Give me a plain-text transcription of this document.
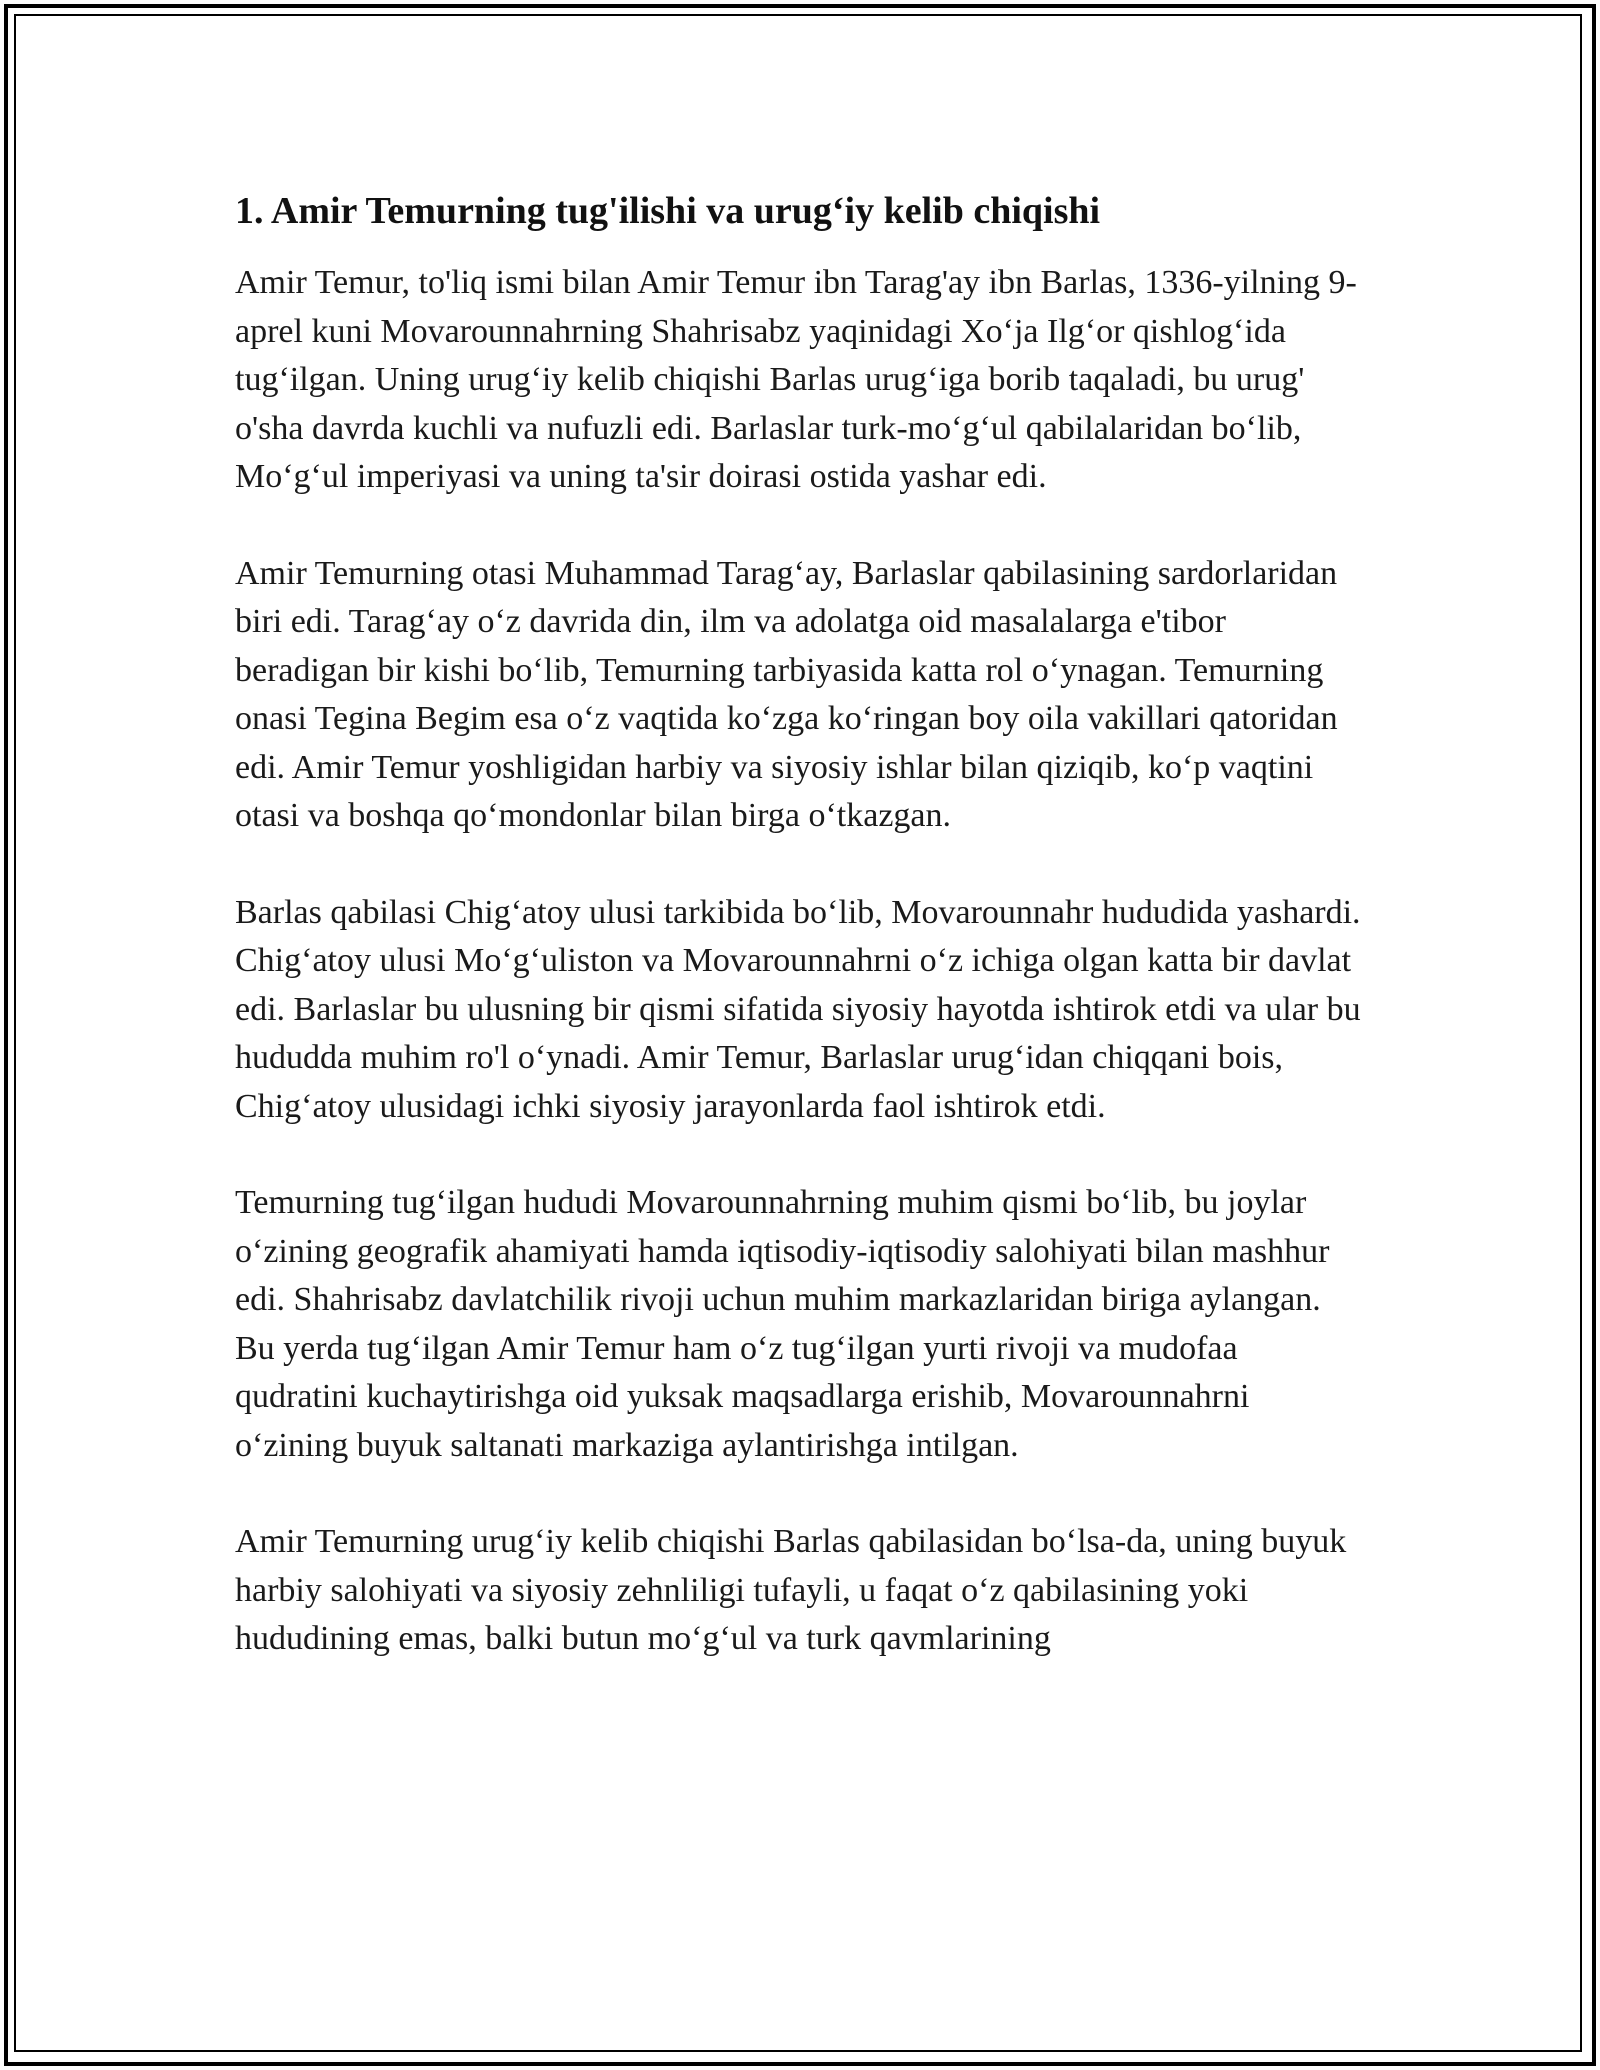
1. Amir Temurning tug'ilishi va urug‘iy kelib chiqishi

Amir Temur, to'liq ismi bilan Amir Temur ibn Tarag'ay ibn Barlas, 1336-yilning 9-aprel kuni Movarounnahrning Shahrisabz yaqinidagi Xo‘ja Ilg‘or qishlog‘ida tug‘ilgan. Uning urug‘iy kelib chiqishi Barlas urug‘iga borib taqaladi, bu urug' o'sha davrda kuchli va nufuzli edi. Barlaslar turk-mo‘g‘ul qabilalaridan bo‘lib, Mo‘g‘ul imperiyasi va uning ta'sir doirasi ostida yashar edi.

Amir Temurning otasi Muhammad Tarag‘ay, Barlaslar qabilasining sardorlaridan biri edi. Tarag‘ay o‘z davrida din, ilm va adolatga oid masalalarga e'tibor beradigan bir kishi bo‘lib, Temurning tarbiyasida katta rol o‘ynagan. Temurning onasi Tegina Begim esa o‘z vaqtida ko‘zga ko‘ringan boy oila vakillari qatoridan edi. Amir Temur yoshligidan harbiy va siyosiy ishlar bilan qiziqib, ko‘p vaqtini otasi va boshqa qo‘mondonlar bilan birga o‘tkazgan.

Barlas qabilasi Chig‘atoy ulusi tarkibida bo‘lib, Movarounnahr hududida yashardi. Chig‘atoy ulusi Mo‘g‘uliston va Movarounnahrni o‘z ichiga olgan katta bir davlat edi. Barlaslar bu ulusning bir qismi sifatida siyosiy hayotda ishtirok etdi va ular bu hududda muhim ro'l o‘ynadi. Amir Temur, Barlaslar urug‘idan chiqqani bois, Chig‘atoy ulusidagi ichki siyosiy jarayonlarda faol ishtirok etdi.

Temurning tug‘ilgan hududi Movarounnahrning muhim qismi bo‘lib, bu joylar o‘zining geografik ahamiyati hamda iqtisodiy-iqtisodiy salohiyati bilan mashhur edi. Shahrisabz davlatchilik rivoji uchun muhim markazlaridan biriga aylangan. Bu yerda tug‘ilgan Amir Temur ham o‘z tug‘ilgan yurti rivoji va mudofaa qudratini kuchaytirishga oid yuksak maqsadlarga erishib, Movarounnahrni o‘zining buyuk saltanati markaziga aylantirishga intilgan.

Amir Temurning urug‘iy kelib chiqishi Barlas qabilasidan bo‘lsa-da, uning buyuk harbiy salohiyati va siyosiy zehnliligi tufayli, u faqat o‘z qabilasining yoki hududining emas, balki butun mo‘g‘ul va turk qavmlarining
